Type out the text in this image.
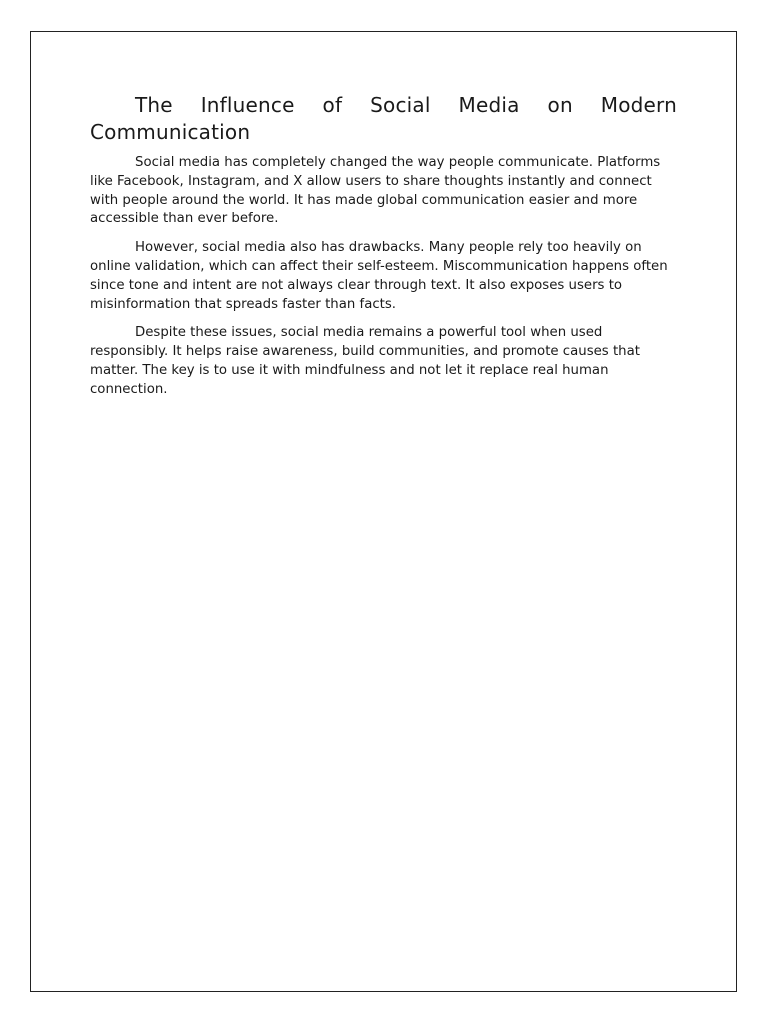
The Influence of Social Media on Modern Communication

Social media has completely changed the way people communicate. Platforms like Facebook, Instagram, and X allow users to share thoughts instantly and connect with people around the world. It has made global communication easier and more accessible than ever before.

However, social media also has drawbacks. Many people rely too heavily on online validation, which can affect their self-esteem. Miscommunication happens often since tone and intent are not always clear through text. It also exposes users to misinformation that spreads faster than facts.

Despite these issues, social media remains a powerful tool when used responsibly. It helps raise awareness, build communities, and promote causes that matter. The key is to use it with mindfulness and not let it replace real human connection.
